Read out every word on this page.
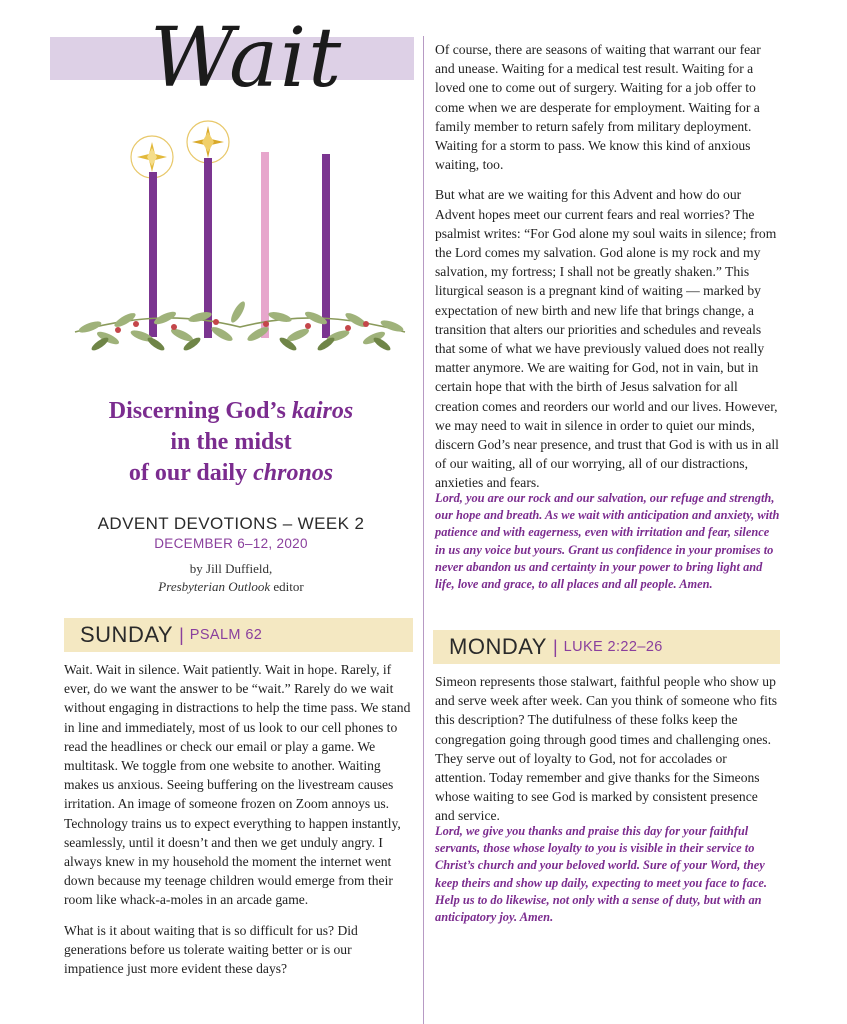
Wait
Discerning God’s kairos
in the midst
of our daily chronos
ADVENT DEVOTIONS – WEEK 2
DECEMBER 6–12, 2020
by Jill Duffield,
Presbyterian Outlook editor
SUNDAY | PSALM 62

Wait. Wait in silence. Wait patiently. Wait in hope. Rarely, if ever, do we want the answer to be “wait.” Rarely do we wait without engaging in distractions to help the time pass. We stand in line and immediately, most of us look to our cell phones to read the headlines or check our email or play a game. We multitask. We toggle from one website to another. Waiting makes us anxious. Seeing buffering on the livestream causes irritation. An image of someone frozen on Zoom annoys us. Technology trains us to expect everything to happen instantly, seamlessly, until it doesn’t and then we get unduly angry. I always knew in my household the moment the internet went down because my teenage children would emerge from their room like whack-a-moles in an arcade game.

What is it about waiting that is so difficult for us? Did generations before us tolerate waiting better or is our impatience just more evident these days?

Of course, there are seasons of waiting that warrant our fear and unease. Waiting for a medical test result. Waiting for a loved one to come out of surgery. Waiting for a job offer to come when we are desperate for employment. Waiting for a family member to return safely from military deployment. Waiting for a storm to pass. We know this kind of anxious waiting, too.

But what are we waiting for this Advent and how do our Advent hopes meet our current fears and real worries? The psalmist writes: “For God alone my soul waits in silence; from the Lord comes my salvation. God alone is my rock and my salvation, my fortress; I shall not be greatly shaken.” This liturgical season is a pregnant kind of waiting — marked by expectation of new birth and new life that brings change, a transition that alters our priorities and schedules and reveals that some of what we have previously valued does not really matter anymore. We are waiting for God, not in vain, but in certain hope that with the birth of Jesus salvation for all creation comes and reorders our world and our lives. However, we may need to wait in silence in order to quiet our minds, discern God’s near presence, and trust that God is with us in all of our waiting, all of our worrying, all of our distractions, anxieties and fears.

Lord, you are our rock and our salvation, our refuge and strength, our hope and breath. As we wait with anticipation and anxiety, with patience and with eagerness, even with irritation and fear, silence in us any voice but yours. Grant us confidence in your promises to never abandon us and certainty in your power to bring light and life, love and grace, to all places and all people. Amen.
MONDAY | LUKE 2:22–26

Simeon represents those stalwart, faithful people who show up and serve week after week. Can you think of someone who fits this description? The dutifulness of these folks keep the congregation going through good times and challenging ones. They serve out of loyalty to God, not for accolades or attention. Today remember and give thanks for the Simeons whose waiting to see God is marked by consistent presence and service.

Lord, we give you thanks and praise this day for your faithful servants, those whose loyalty to you is visible in their service to Christ’s church and your beloved world. Sure of your Word, they keep theirs and show up daily, expecting to meet you face to face. Help us to do likewise, not only with a sense of duty, but with an anticipatory joy. Amen.
